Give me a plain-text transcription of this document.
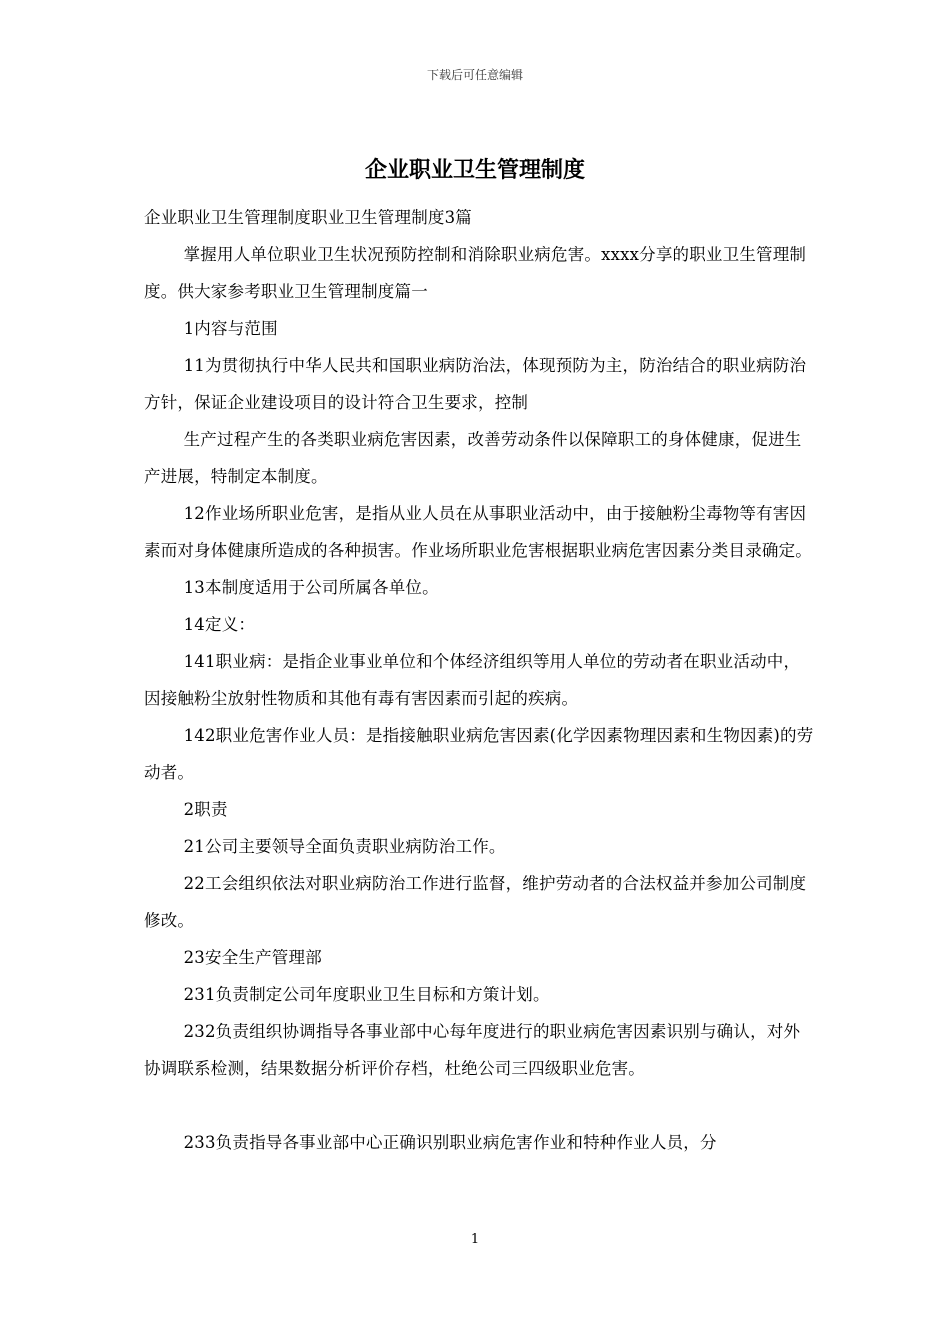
下载后可任意编辑
企业职业卫生管理制度

企业职业卫生管理制度职业卫生管理制度3篇

掌握用人单位职业卫生状况预防控制和消除职业病危害。xxxx分享的职业卫生管理制度。供大家参考职业卫生管理制度篇一

1内容与范围

11为贯彻执行中华人民共和国职业病防治法，体现预防为主，防治结合的职业病防治方针，保证企业建设项目的设计符合卫生要求，控制

生产过程产生的各类职业病危害因素，改善劳动条件以保障职工的身体健康，促进生产进展，特制定本制度。

12作业场所职业危害，是指从业人员在从事职业活动中，由于接触粉尘毒物等有害因素而对身体健康所造成的各种损害。作业场所职业危害根据职业病危害因素分类目录确定。

13本制度适用于公司所属各单位。

14定义：

141职业病：是指企业事业单位和个体经济组织等用人单位的劳动者在职业活动中，因接触粉尘放射性物质和其他有毒有害因素而引起的疾病。

142职业危害作业人员：是指接触职业病危害因素(化学因素物理因素和生物因素)的劳动者。

2职责

21公司主要领导全面负责职业病防治工作。

22工会组织依法对职业病防治工作进行监督，维护劳动者的合法权益并参加公司制度修改。

23安全生产管理部

231负责制定公司年度职业卫生目标和方策计划。

232负责组织协调指导各事业部中心每年度进行的职业病危害因素识别与确认，对外协调联系检测，结果数据分析评价存档，杜绝公司三四级职业危害。

233负责指导各事业部中心正确识别职业病危害作业和特种作业人员，分

1
